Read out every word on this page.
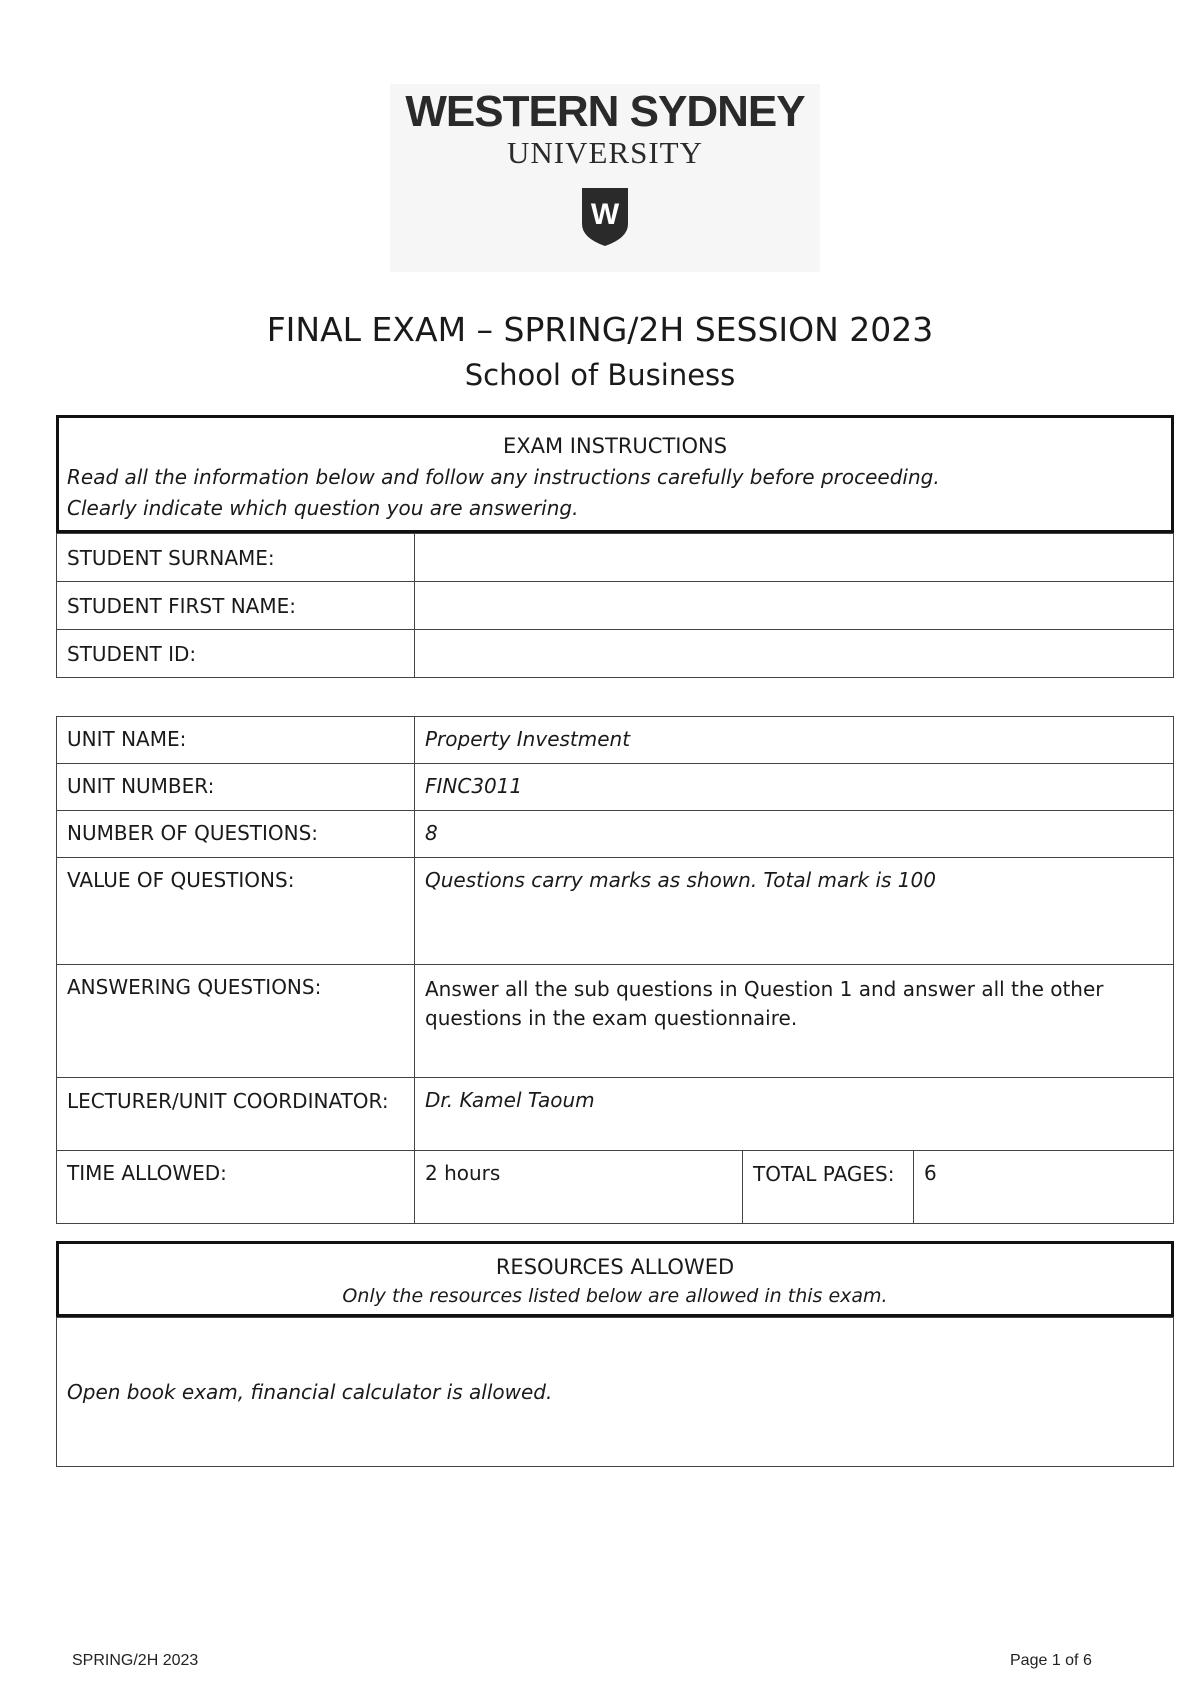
WESTERN SYDNEY
UNIVERSITY
W
FINAL EXAM – SPRING/2H SESSION 2023
School of Business
EXAM INSTRUCTIONS
Read all the information below and follow any instructions carefully before proceeding.
Clearly indicate which question you are answering.
STUDENT SURNAME:	
STUDENT FIRST NAME:	
STUDENT ID:	
UNIT NAME:	Property Investment		
UNIT NUMBER:	FINC3011		
NUMBER OF QUESTIONS:	8		
VALUE OF QUESTIONS:	Questions carry marks as shown. Total mark is 100		
ANSWERING QUESTIONS:	Answer all the sub questions in Question 1 and answer all the other questions in the exam questionnaire.		
LECTURER/UNIT COORDINATOR:	Dr. Kamel Taoum		
TIME ALLOWED:	2 hours	TOTAL PAGES:	6
RESOURCES ALLOWED
Only the resources listed below are allowed in this exam.
Open book exam, financial calculator is allowed.
SPRING/2H 2023	Page 1 of 6
